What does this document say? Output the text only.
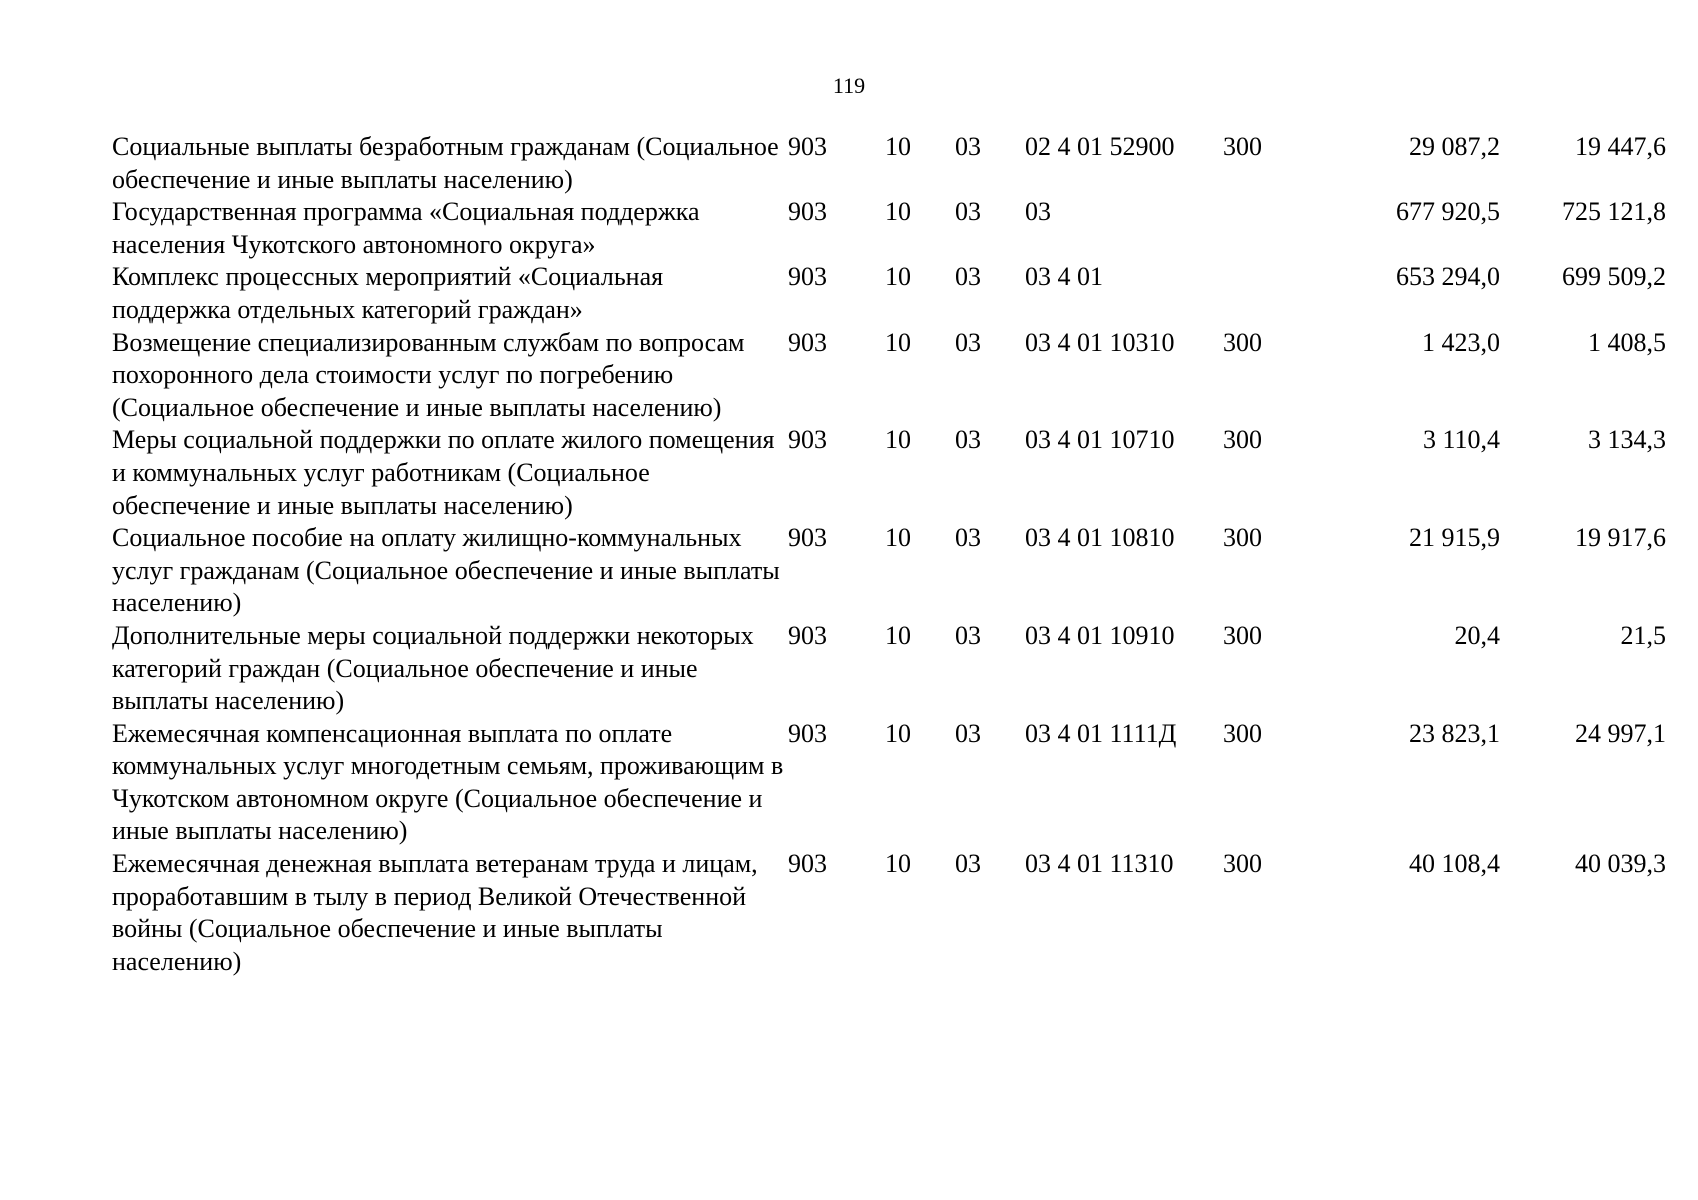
119
Социальные выплаты безработным гражданам (Социальное обеспечение и иные выплаты населению)	903	10	03	02 4 01 52900	300	29 087,2	19 447,6
Государственная программа «Социальная поддержка населения Чукотского автономного округа»	903	10	03	03		677 920,5	725 121,8
Комплекс процессных мероприятий «Социальная поддержка отдельных категорий граждан»	903	10	03	03 4 01		653 294,0	699 509,2
Возмещение специализированным службам по вопросам похоронного дела стоимости услуг по погребению (Социальное обеспечение и иные выплаты населению)	903	10	03	03 4 01 10310	300	1 423,0	1 408,5
Меры социальной поддержки по оплате жилого помещения и коммунальных услуг работникам (Социальное обеспечение и иные выплаты населению)	903	10	03	03 4 01 10710	300	3 110,4	3 134,3
Социальное пособие на оплату жилищно-коммунальных услуг гражданам (Социальное обеспечение и иные выплаты населению)	903	10	03	03 4 01 10810	300	21 915,9	19 917,6
Дополнительные меры социальной поддержки некоторых категорий граждан (Социальное обеспечение и иные выплаты населению)	903	10	03	03 4 01 10910	300	20,4	21,5
Ежемесячная компенсационная выплата по оплате коммунальных услуг многодетным семьям, проживающим в Чукотском автономном округе (Социальное обеспечение и иные выплаты населению)	903	10	03	03 4 01 1111Д	300	23 823,1	24 997,1
Ежемесячная денежная выплата ветеранам труда и лицам, проработавшим в тылу в период Великой Отечественной войны (Социальное обеспечение и иные выплаты населению)	903	10	03	03 4 01 11310	300	40 108,4	40 039,3
